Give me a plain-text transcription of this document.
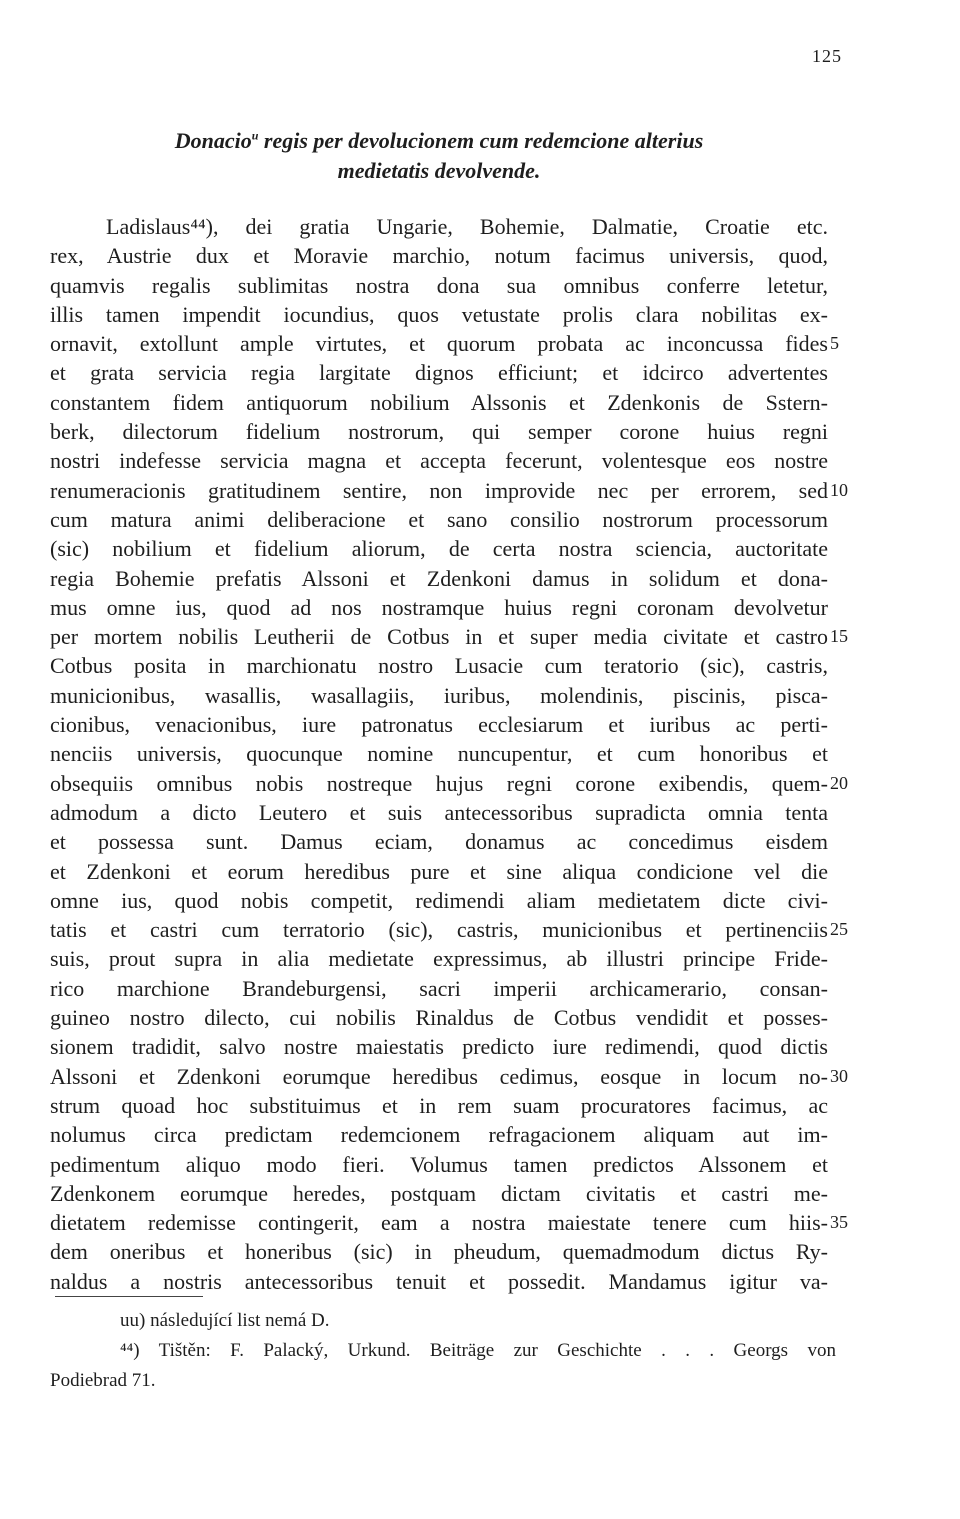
125
Donacio$^u$ regis per devolucionem cum redemcione alterius
medietatis devolvende.
Ladislaus⁴⁴), dei gratia Ungarie, Bohemie, Dalmatie, Croatie etc.
rex, Austrie dux et Moravie marchio, notum facimus universis, quod,
quamvis regalis sublimitas nostra dona sua omnibus conferre letetur,
illis tamen impendit iocundius, quos vetustate prolis clara nobilitas ex-
ornavit, extollunt ample virtutes, et quorum probata ac inconcussa fides 5
et grata servicia regia largitate dignos efficiunt; et idcirco advertentes
constantem fidem antiquorum nobilium Alssonis et Zdenkonis de Sstern-
berk, dilectorum fidelium nostrorum, qui semper corone huius regni
nostri indefesse servicia magna et accepta fecerunt, volentesque eos nostre
renumeracionis gratitudinem sentire, non improvide nec per errorem, sed 10
cum matura animi deliberacione et sano consilio nostrorum processorum
(sic) nobilium et fidelium aliorum, de certa nostra sciencia, auctoritate
regia Bohemie prefatis Alssoni et Zdenkoni damus in solidum et dona-
mus omne ius, quod ad nos nostramque huius regni coronam devolvetur
per mortem nobilis Leutherii de Cotbus in et super media civitate et castro 15
Cotbus posita in marchionatu nostro Lusacie cum teratorio (sic), castris,
municionibus, wasallis, wasallagiis, iuribus, molendinis, piscinis, pisca-
cionibus, venacionibus, iure patronatus ecclesiarum et iuribus ac perti-
nenciis universis, quocunque nomine nuncupentur, et cum honoribus et
obsequiis omnibus nobis nostreque hujus regni corone exibendis, quem- 20
admodum a dicto Leutero et suis antecessoribus supradicta omnia tenta
et possessa sunt. Damus eciam, donamus ac concedimus eisdem
et Zdenkoni et eorum heredibus pure et sine aliqua condicione vel die
omne ius, quod nobis competit, redimendi aliam medietatem dicte civi-
tatis et castri cum terratorio (sic), castris, municionibus et pertinenciis 25
suis, prout supra in alia medietate expressimus, ab illustri principe Fride-
rico marchione Brandeburgensi, sacri imperii archicamerario, consan-
guineo nostro dilecto, cui nobilis Rinaldus de Cotbus vendidit et posses-
sionem tradidit, salvo nostre maiestatis predicto iure redimendi, quod dictis
Alssoni et Zdenkoni eorumque heredibus cedimus, eosque in locum no- 30
strum quoad hoc substituimus et in rem suam procuratores facimus, ac
nolumus circa predictam redemcionem refragacionem aliquam aut im-
pedimentum aliquo modo fieri. Volumus tamen predictos Alssonem et
Zdenkonem eorumque heredes, postquam dictam civitatis et castri me-
dietatem redemisse contingerit, eam a nostra maiestate tenere cum hiis- 35
dem oneribus et honeribus (sic) in pheudum, quemadmodum dictus Ry-
naldus a nostris antecessoribus tenuit et possedit. Mandamus igitur va-
uu) následující list nemá D.
⁴⁴) Tištěn: F. Palacký, Urkund. Beiträge zur Geschichte . . . Georgs von
Podiebrad 71.
